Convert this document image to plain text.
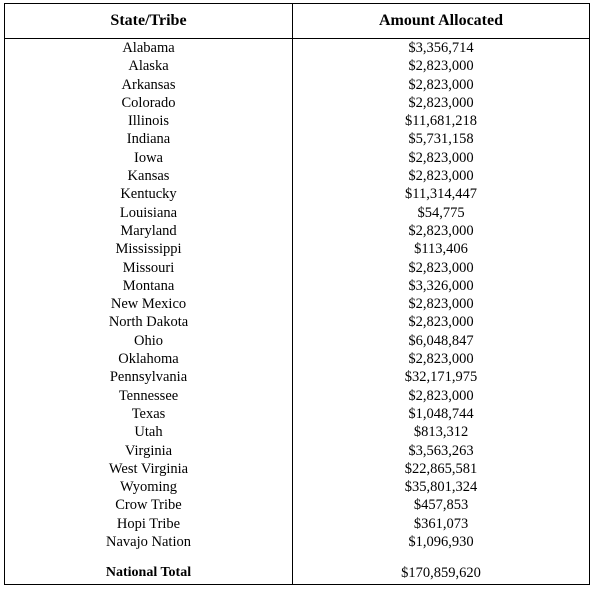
State/Tribe	Amount Allocated
Alabama	$3,356,714
Alaska	$2,823,000
Arkansas	$2,823,000
Colorado	$2,823,000
Illinois	$11,681,218
Indiana	$5,731,158
Iowa	$2,823,000
Kansas	$2,823,000
Kentucky	$11,314,447
Louisiana	$54,775
Maryland	$2,823,000
Mississippi	$113,406
Missouri	$2,823,000
Montana	$3,326,000
New Mexico	$2,823,000
North Dakota	$2,823,000
Ohio	$6,048,847
Oklahoma	$2,823,000
Pennsylvania	$32,171,975
Tennessee	$2,823,000
Texas	$1,048,744
Utah	$813,312
Virginia	$3,563,263
West Virginia	$22,865,581
Wyoming	$35,801,324
Crow Tribe	$457,853
Hopi Tribe	$361,073
Navajo Nation	$1,096,930
National Total	$170,859,620
